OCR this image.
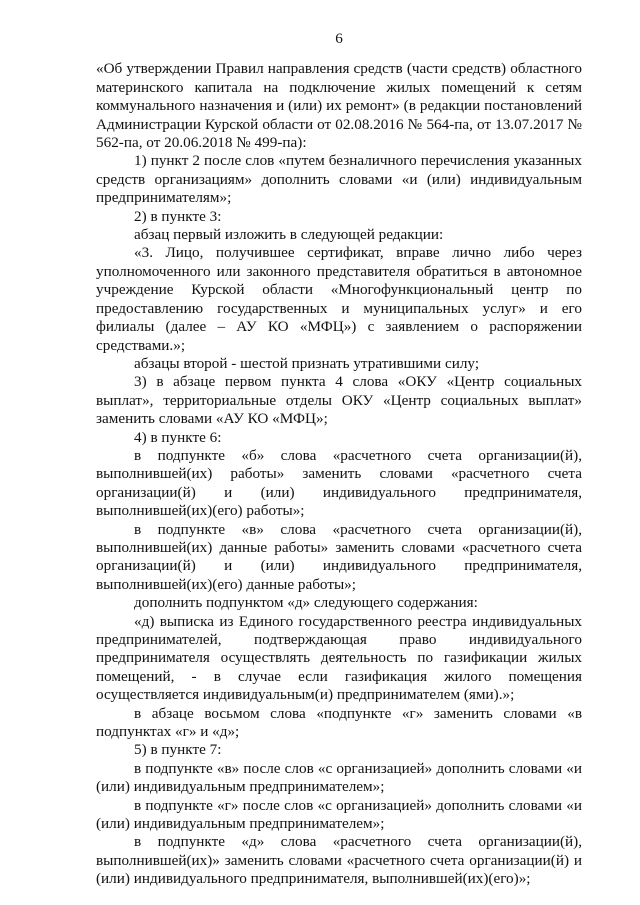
6

«Об утверждении Правил направления средств (части средств) областного материнского капитала на подключение жилых помещений к сетям коммунального назначения и (или) их ремонт» (в редакции постановлений Администрации Курской области от 02.08.2016 № 564-па, от 13.07.2017 № 562-па, от 20.06.2018 № 499-па):

1) пункт 2 после слов «путем безналичного перечисления указанных средств организациям» дополнить словами «и (или) индивидуальным предпринимателям»;

2) в пункте 3:

абзац первый изложить в следующей редакции:

«3. Лицо, получившее сертификат, вправе лично либо через уполномоченного или законного представителя обратиться в автономное учреждение Курской области «Многофункциональный центр по предоставлению государственных и муниципальных услуг» и его филиалы (далее – АУ КО «МФЦ») с заявлением о распоряжении средствами.»;

абзацы второй - шестой признать утратившими силу;

3) в абзаце первом пункта 4 слова «ОКУ «Центр социальных выплат», территориальные отделы ОКУ «Центр социальных выплат» заменить словами «АУ КО «МФЦ»;

4) в пункте 6:

в подпункте «б» слова «расчетного счета организации(й), выполнившей(их) работы» заменить словами «расчетного счета организации(й) и (или) индивидуального предпринимателя, выполнившей(их)(его) работы»;

в подпункте «в» слова «расчетного счета организации(й), выполнившей(их) данные работы» заменить словами «расчетного счета организации(й) и (или) индивидуального предпринимателя, выполнившей(их)(его) данные работы»;

дополнить подпунктом «д» следующего содержания:

«д) выписка из Единого государственного реестра индивидуальных предпринимателей, подтверждающая право индивидуального предпринимателя осуществлять деятельность по газификации жилых помещений, - в случае если газификация жилого помещения осуществляется индивидуальным(и) предпринимателем (ями).»;

в абзаце восьмом слова «подпункте «г» заменить словами «в подпунктах «г» и «д»;

5) в пункте 7:

в подпункте «в» после слов «с организацией» дополнить словами «и (или) индивидуальным предпринимателем»;

в подпункте «г» после слов «с организацией» дополнить словами «и (или) индивидуальным предпринимателем»;

в подпункте «д» слова «расчетного счета организации(й), выполнившей(их)» заменить словами «расчетного счета организации(й) и (или) индивидуального предпринимателя, выполнившей(их)(его)»;
